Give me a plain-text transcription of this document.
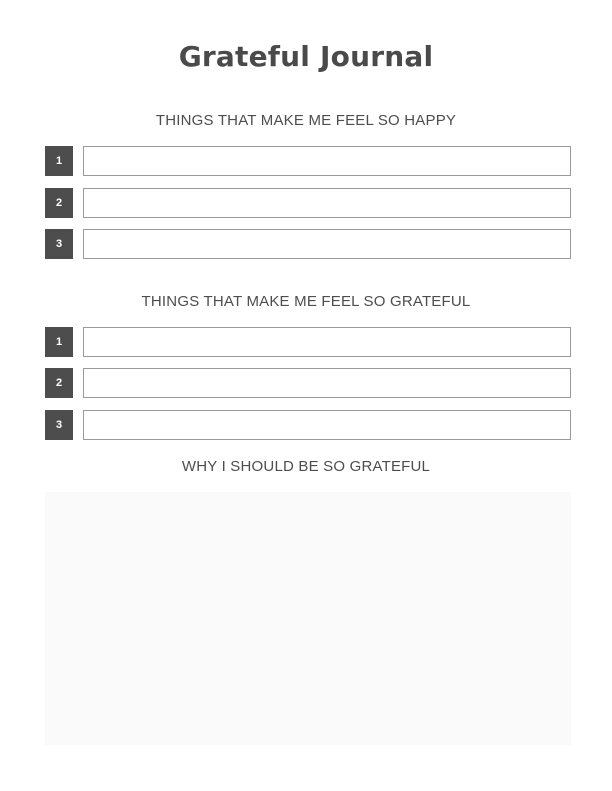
Grateful Journal
THINGS THAT MAKE ME FEEL SO HAPPY
1
2
3
THINGS THAT MAKE ME FEEL SO GRATEFUL
1
2
3
WHY I SHOULD BE SO GRATEFUL
